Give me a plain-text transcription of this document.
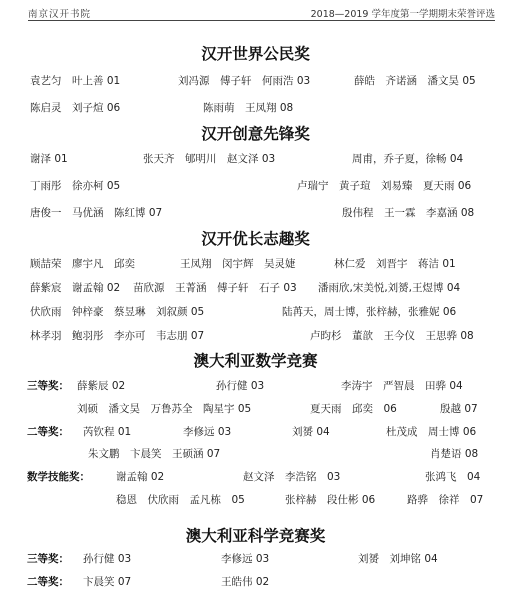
南京汉开书院	2018—2019 学年度第一学期期末荣誉评选
汉开世界公民奖
袁艺匀　叶上善 01	刘冯源　傅子轩　何雨浩 03	薛皓　齐诺涵　潘文昊 05
陈启灵　刘子煊 06	陈雨萌　王凤翔 08
汉开创意先锋奖
谢泽 01	张天齐　郇明川　赵文泽 03	周甫，乔子夏，徐畅 04
丁雨彤　徐亦柯 05	卢瑞宁　黄子瑄　刘易臻　夏天雨 06
唐俊一　马优涵　陈红博 07	殷伟程　王一霖　李嘉涵 08
汉开优长志趣奖
顾喆荣　廖宇凡　邱奕	王凤翔　闵宇辉　吴灵婕	林仁爱　刘晋宇　蒋洁 01
薛紫宸　谢孟翰 02 苗欣源　王菁涵　傅子轩　石子 03 潘雨欣,宋美悦,刘赟,王煜博 04
伏欣雨　钟梓豪　蔡昱琳　刘叙颜 05	陆苒天，周士博，张梓赫，张雅妮 06
林孝羽　鲍羽彤　李亦可　韦志朋 07	卢昀杉　董歆　王今仪　王思骅 08
澳大利亚数学竞赛
三等奖： 薛紫辰 02	孙行健 03	李涛宇　严智晨　田骅 04
刘硕　潘文昊　万鲁苏全　陶星宇 05	夏天雨　邱奕　06	殷越 07
二等奖： 芮钦程 01	李修远 03	刘赟 04	杜茂成　周士博 06
朱文鹏　卞晨笑　王硕涵 07	肖楚语 08
数学技能奖： 谢孟翰 02	赵文泽　李浩铭　03	张鸿飞　04
稳恩　伏欣雨　孟凡栋　05	张梓赫　段仕彬 06	路骅　徐祥　07
澳大利亚科学竞赛奖
三等奖： 孙行健 03	李修远 03	刘赟　刘坤铭 04
二等奖： 卞晨笑 07	王皓伟 02
